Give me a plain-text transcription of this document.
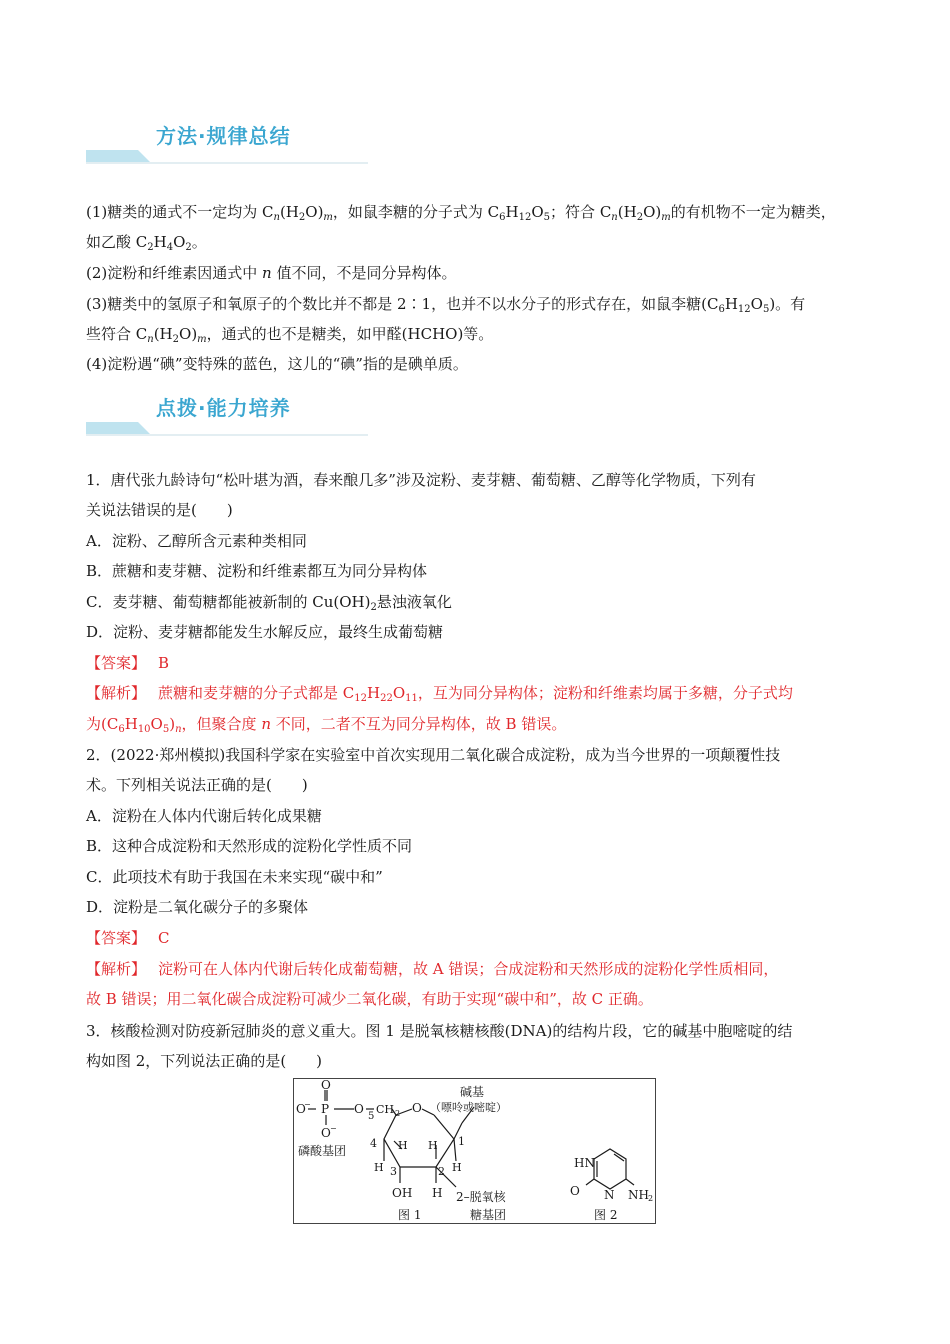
方法·规律总结
(1)糖类的通式不一定均为 $C_n(H_2O)_m$，如鼠李糖的分子式为 $C_6H_{12}O_5$；符合 $C_n(H_2O)_m$的有机物不一定为糖类，
如乙酸 $C_2H_4O_2$。
(2)淀粉和纤维素因通式中 n 值不同，不是同分异构体。
(3)糖类中的氢原子和氧原子的个数比并不都是 2∶1，也并不以水分子的形式存在，如鼠李糖$(C_6H_{12}O_5)$。有
些符合 $C_n(H_2O)_m$，通式的也不是糖类，如甲醛(HCHO)等。
(4)淀粉遇“碘”变特殊的蓝色，这儿的“碘”指的是碘单质。
点拨·能力培养
1．唐代张九龄诗句“松叶堪为酒，春来酿几多”涉及淀粉、麦芽糖、葡萄糖、乙醇等化学物质，下列有
关说法错误的是(　　)
A．淀粉、乙醇所含元素种类相同
B．蔗糖和麦芽糖、淀粉和纤维素都互为同分异构体
C．麦芽糖、葡萄糖都能被新制的 $Cu(OH)_2$悬浊液氧化
D．淀粉、麦芽糖都能发生水解反应，最终生成葡萄糖
【答案】 B
【解析】 蔗糖和麦芽糖的分子式都是 $C_{12}H_{22}O_{11}$，互为同分异构体；淀粉和纤维素均属于多糖，分子式均
为$(C_6H_{10}O_5)_n$，但聚合度 n 不同，二者不互为同分异构体，故 B 错误。
2．(2022·郑州模拟)我国科学家在实验室中首次实现用二氧化碳合成淀粉，成为当今世界的一项颠覆性技
术。下列相关说法正确的是(　　)
A．淀粉在人体内代谢后转化成果糖
B．这种合成淀粉和天然形成的淀粉化学性质不同
C．此项技术有助于我国在未来实现“碳中和”
D．淀粉是二氧化碳分子的多聚体
【答案】 C
【解析】 淀粉可在人体内代谢后转化成葡萄糖，故 A 错误；合成淀粉和天然形成的淀粉化学性质相同，
故 B 错误；用二氧化碳合成淀粉可减少二氧化碳，有助于实现“碳中和”，故 C 正确。
3．核酸检测对防疫新冠肺炎的意义重大。图 1 是脱氧核糖核酸(DNA)的结构片段，它的碱基中胞嘧啶的结
构如图 2，下列说法正确的是(　　)
O
− P
O
O −
O CH 2
5
O
磷酸基团
碱基
（嘌呤或嘧啶）
4 H H 1
H 3	2 H
OH H 2–脱氧核
糖基团
图 1
HN
O N NH 2
图 2
